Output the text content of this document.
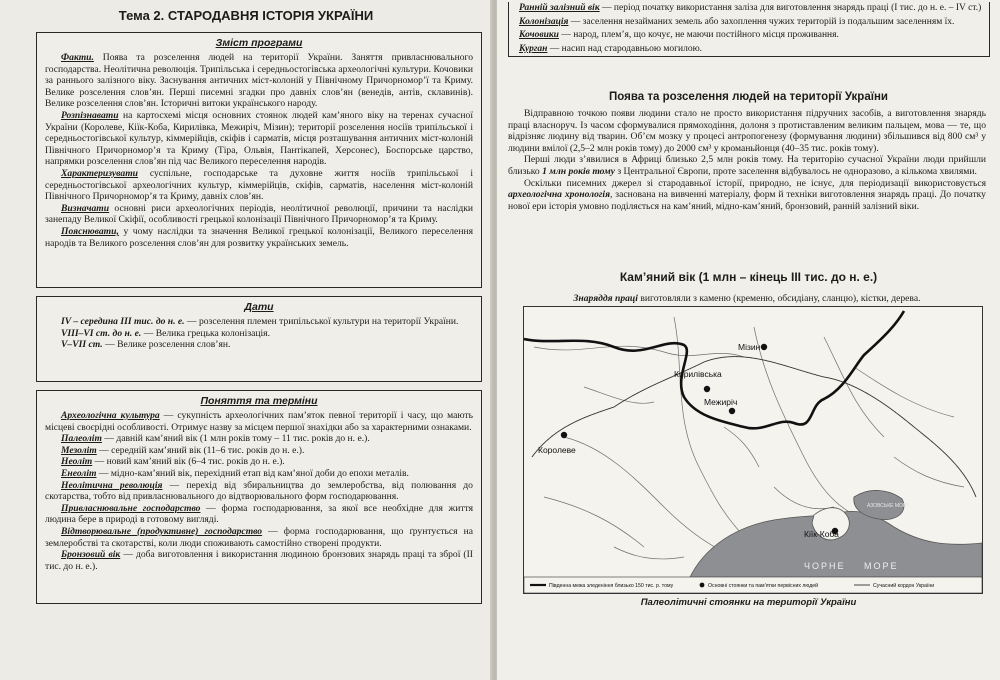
Тема 2. СТАРОДАВНЯ ІСТОРІЯ УКРАЇНИ
Зміст програми

Факти. Поява та розселення людей на території України. Заняття привласнювального господарства. Неолітична революція. Трипільська і середньостогівська археологічні культури. Кочовики за раннього залізного віку. Заснування античних міст-колоній у Північному Причорномор’ї та Криму. Велике розселення слов’ян. Перші писемні згадки про давніх слов’ян (венедів, антів, склавинів). Велике розселення слов’ян. Історичні витоки українського народу.

Розпізнавати на картосхемі місця основних стоянок людей кам’яного віку на теренах сучасної України (Королеве, Кіїк-Коба, Кирилівка, Межиріч, Мізин); території розселення носіїв трипільської і середньостогівської культур, кіммерійців, скіфів і сарматів, місця розташування античних міст-колоній Північного Причорномор’я та Криму (Тіра, Ольвія, Пантікапей, Херсонес), Боспорське царство, напрямки розселення слов’ян під час Великого переселення народів.

Характеризувати суспільне, господарське та духовне життя носіїв трипільської і середньостогівської археологічних культур, кіммерійців, скіфів, сарматів, населення міст-колоній Північного Причорномор’я та Криму, давніх слов’ян.

Визначати основні риси археологічних періодів, неолітичної революції, причини та наслідки занепаду Великої Скіфії, особливості грецької колонізації Північного Причорномор’я та Криму.

Пояснювати, у чому наслідки та значення Великої грецької колонізації, Великого переселення народів та Великого розселення слов’ян для розвитку українських земель.

Дати

IV – середина III тис. до н. е. — розселення племен трипільської культури на території України.

VIII–VI ст. до н. е. — Велика грецька колонізація.

V–VII ст. — Велике розселення слов’ян.

Поняття та терміни

Археологічна культура — сукупність археологічних пам’яток певної території і часу, що мають місцеві своєрідні особливості. Отримує назву за місцем першої знахідки або за характерними ознаками.

Палеоліт — давній кам’яний вік (1 млн років тому – 11 тис. років до н. е.).

Мезоліт — середній кам’яний вік (11–6 тис. років до н. е.).

Неоліт — новий кам’яний вік (6–4 тис. років до н. е.).

Енеоліт — мідно-кам’яний вік, перехідний етап від кам’яної доби до епохи металів.

Неолітична революція — перехід від збиральництва до землеробства, від полювання до скотарства, тобто від привласнювального до відтворювального форм господарювання.

Привласнювальне господарство — форма господарювання, за якої все необхідне для життя людина бере в природі в готовому вигляді.

Відтворювальне (продуктивне) господарство — форма господарювання, що ґрунтується на землеробстві та скотарстві, коли люди споживають самостійно створені продукти.

Бронзовий вік — доба виготовлення і використання людиною бронзових знарядь праці та зброї (II тис. до н. е.).

Ранній залізний вік — період початку використання заліза для виготовлення знарядь праці (I тис. до н. е. – IV ст.)
Колонізація — заселення незайманих земель або захоплення чужих територій із подальшим заселенням їх.
Кочовики — народ, плем’я, що кочує, не маючи постійного місця проживання.
Курган — насип над стародавньою могилою.
Поява та розселення людей на території України

Відправною точкою появи людини стало не просто використання підручних засобів, а виготовлення знарядь праці власноруч. Із часом сформувалися прямоходіння, долоня з протиставленим великим пальцем, мова — те, що відрізняє людину від тварин. Об’єм мозку у процесі антропогенезу (формування людини) збільшився від 800 см³ у людини вмілої (2,5–2 млн років тому) до 2000 см³ у кроманьйонця (40–35 тис. років тому).

Перші люди з’явилися в Африці близько 2,5 млн років тому. На територію сучасної України люди прийшли близько 1 млн років тому з Центральної Європи, проте заселення відбувалось не одноразово, а кількома хвилями.

Оскільки писемних джерел зі стародавньої історії, природно, не існує, для періодизації використовується археологічна хронологія, заснована на вивченні матеріалу, форм й техніки виготовлення знарядь праці. До початку нової ери історія умовно поділяється на кам’яний, мідно-кам’яний, бронзовий, ранній залізний віки.

Кам’яний вік (1 млн – кінець III тис. до н. е.)
Знаряддя праці виготовляли з каменю (кременю, обсидіану, сланцю), кістки, дерева.
АЗОВСЬКЕ МОРЕ
ЧОРНЕ МОРЕ
Мізин
Кирилівська
Межиріч
Королеве
Кіїк-Коба
Південна межа зледеніння близько 150 тис. р. тому	Основні стоянки та пам’ятки первісних людей	Сучасний кордон України
Палеолітичні стоянки на території України
